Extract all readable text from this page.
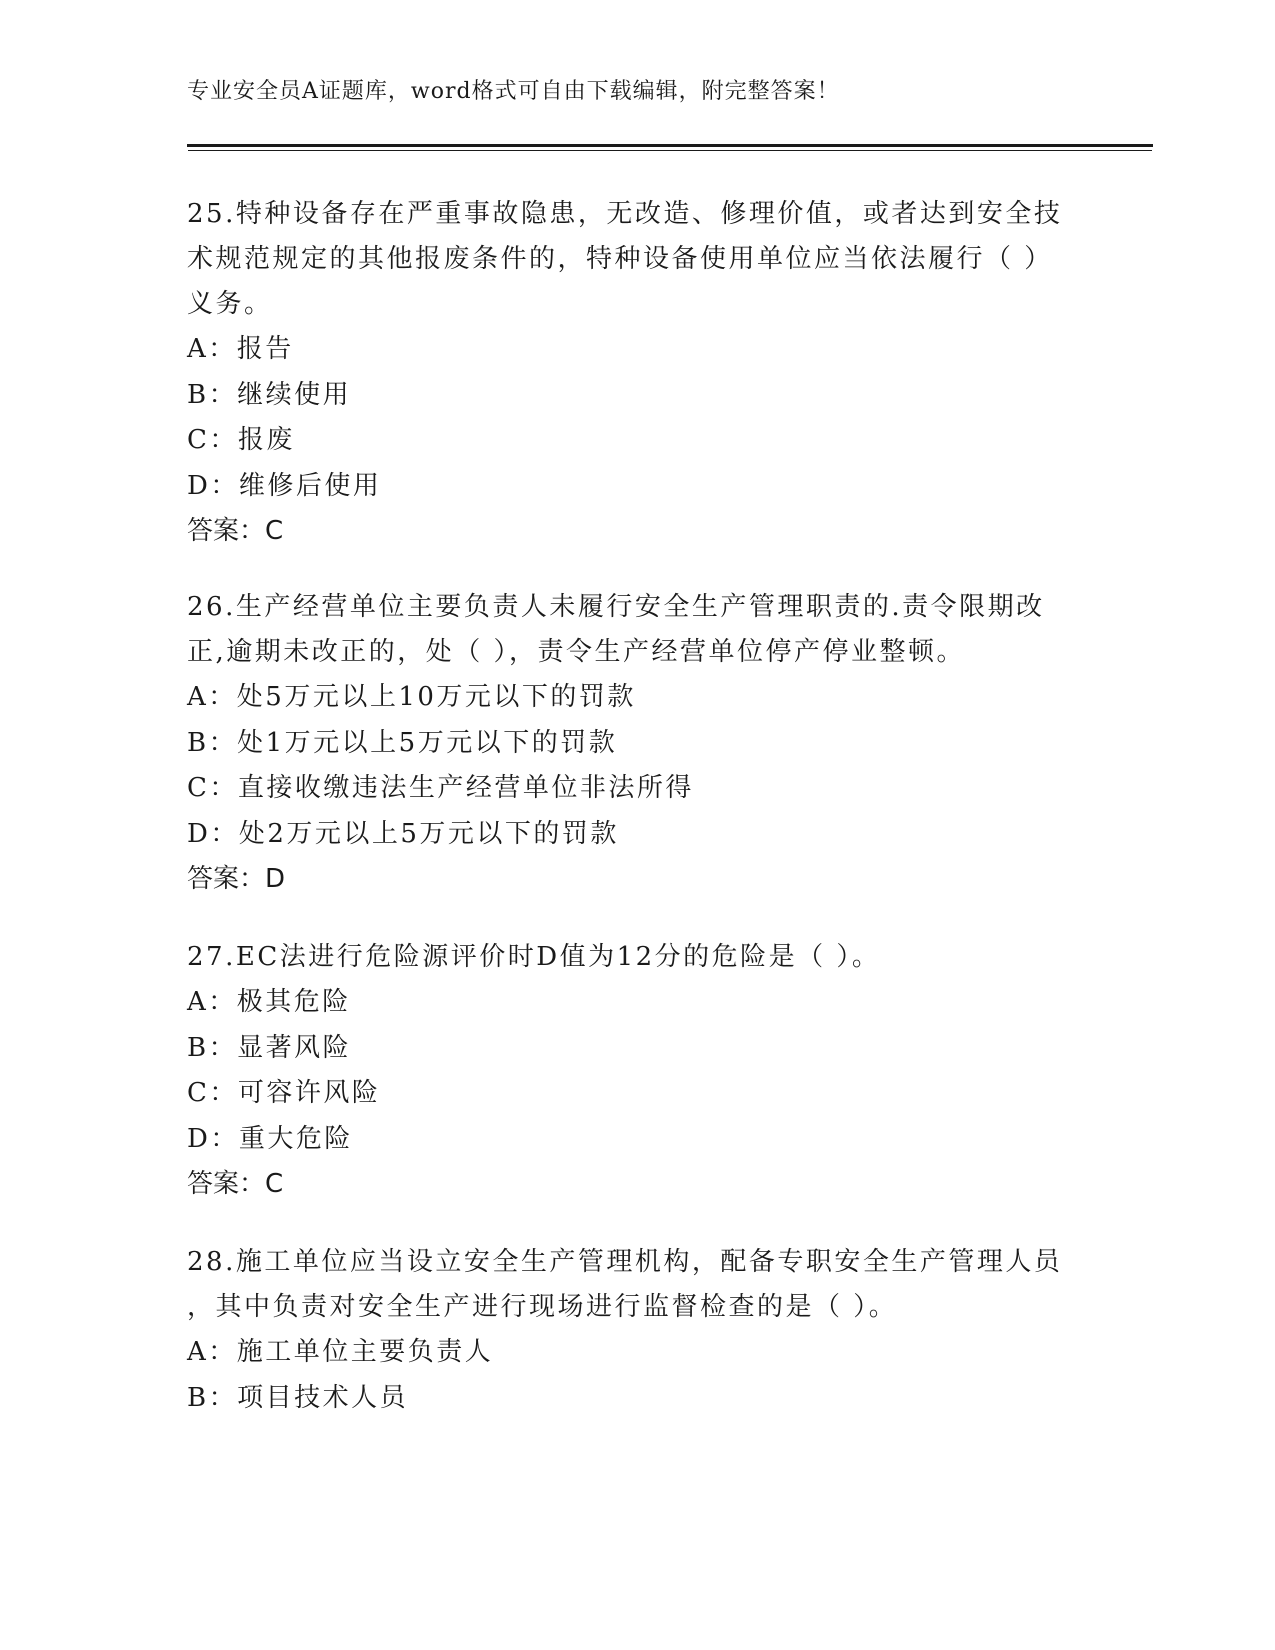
专业安全员A证题库，word格式可自由下载编辑，附完整答案！

25.特种设备存在严重事故隐患，无改造、修理价值，或者达到安全技

术规范规定的其他报废条件的，特种设备使用单位应当依法履行（ ）

义务。

A：报告

B：继续使用

C：报废

D：维修后使用

答案：C

26.生产经营单位主要负责人未履行安全生产管理职责的.责令限期改

正,逾期未改正的，处（ ），责令生产经营单位停产停业整顿。

A：处5万元以上10万元以下的罚款

B：处1万元以上5万元以下的罚款

C：直接收缴违法生产经营单位非法所得

D：处2万元以上5万元以下的罚款

答案：D

27.EC法进行危险源评价时D值为12分的危险是（ ）。

A：极其危险

B：显著风险

C：可容许风险

D：重大危险

答案：C

28.施工单位应当设立安全生产管理机构，配备专职安全生产管理人员

，其中负责对安全生产进行现场进行监督检查的是（ ）。

A：施工单位主要负责人

B：项目技术人员
